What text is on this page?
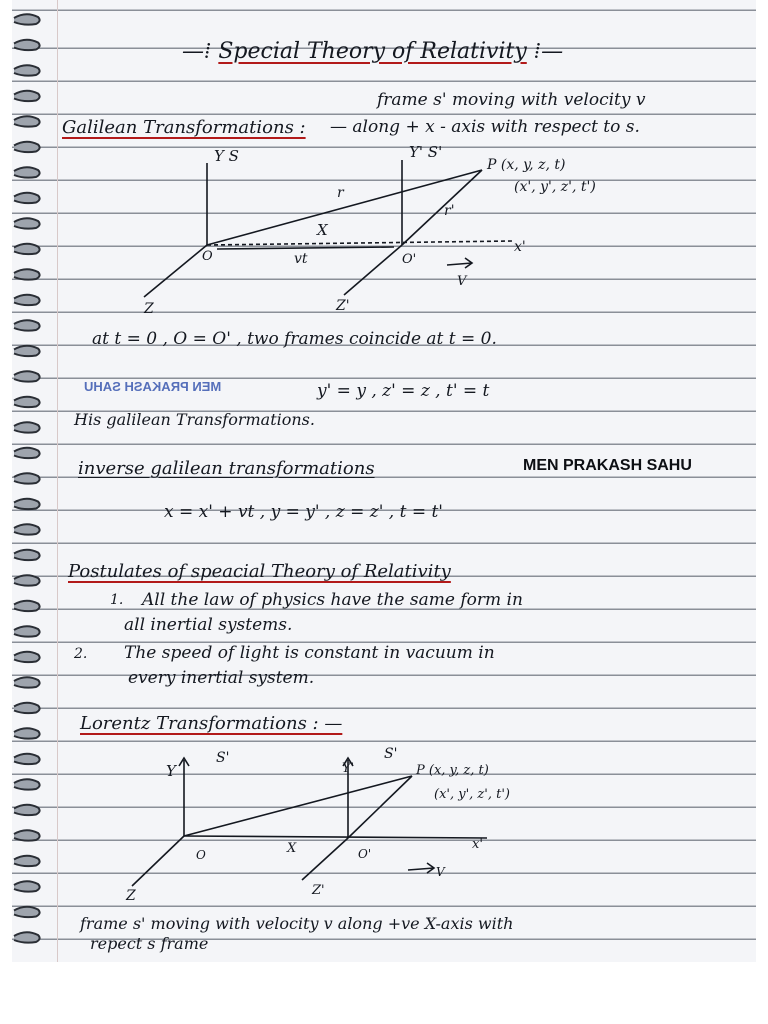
—⁞ Special Theory of Relativity ⁞—
frame s' moving with velocity v
Galilean Transformations : — along + x - axis with respect to s.
Y S	Y' S'
P (x, y, z, t)
(x', y', z', t')
r
r'
X
x'
O	O'
vt
V
Z	Z'
at t = 0 , O = O' , two frames coincide at t = 0.
MEN PRAKASH SAHU	y' = y , z' = z , t' = t
His galilean Transformations.
inverse galilean transformations	MEN PRAKASH SAHU
x = x' + vt , y = y' , z = z' , t = t'
Postulates of speacial Theory of Relativity
1. All the law of physics have the same form in
all inertial systems.
2. The speed of light is constant in vacuum in
every inertial system.
Lorentz Transformations : —
Y
S'
Y'
S'
P (x, y, z, t)
(x', y', z', t')
O	X	O'
x'
V
Z	Z'
frame s' moving with velocity v along +ve X-axis with
repect s frame
